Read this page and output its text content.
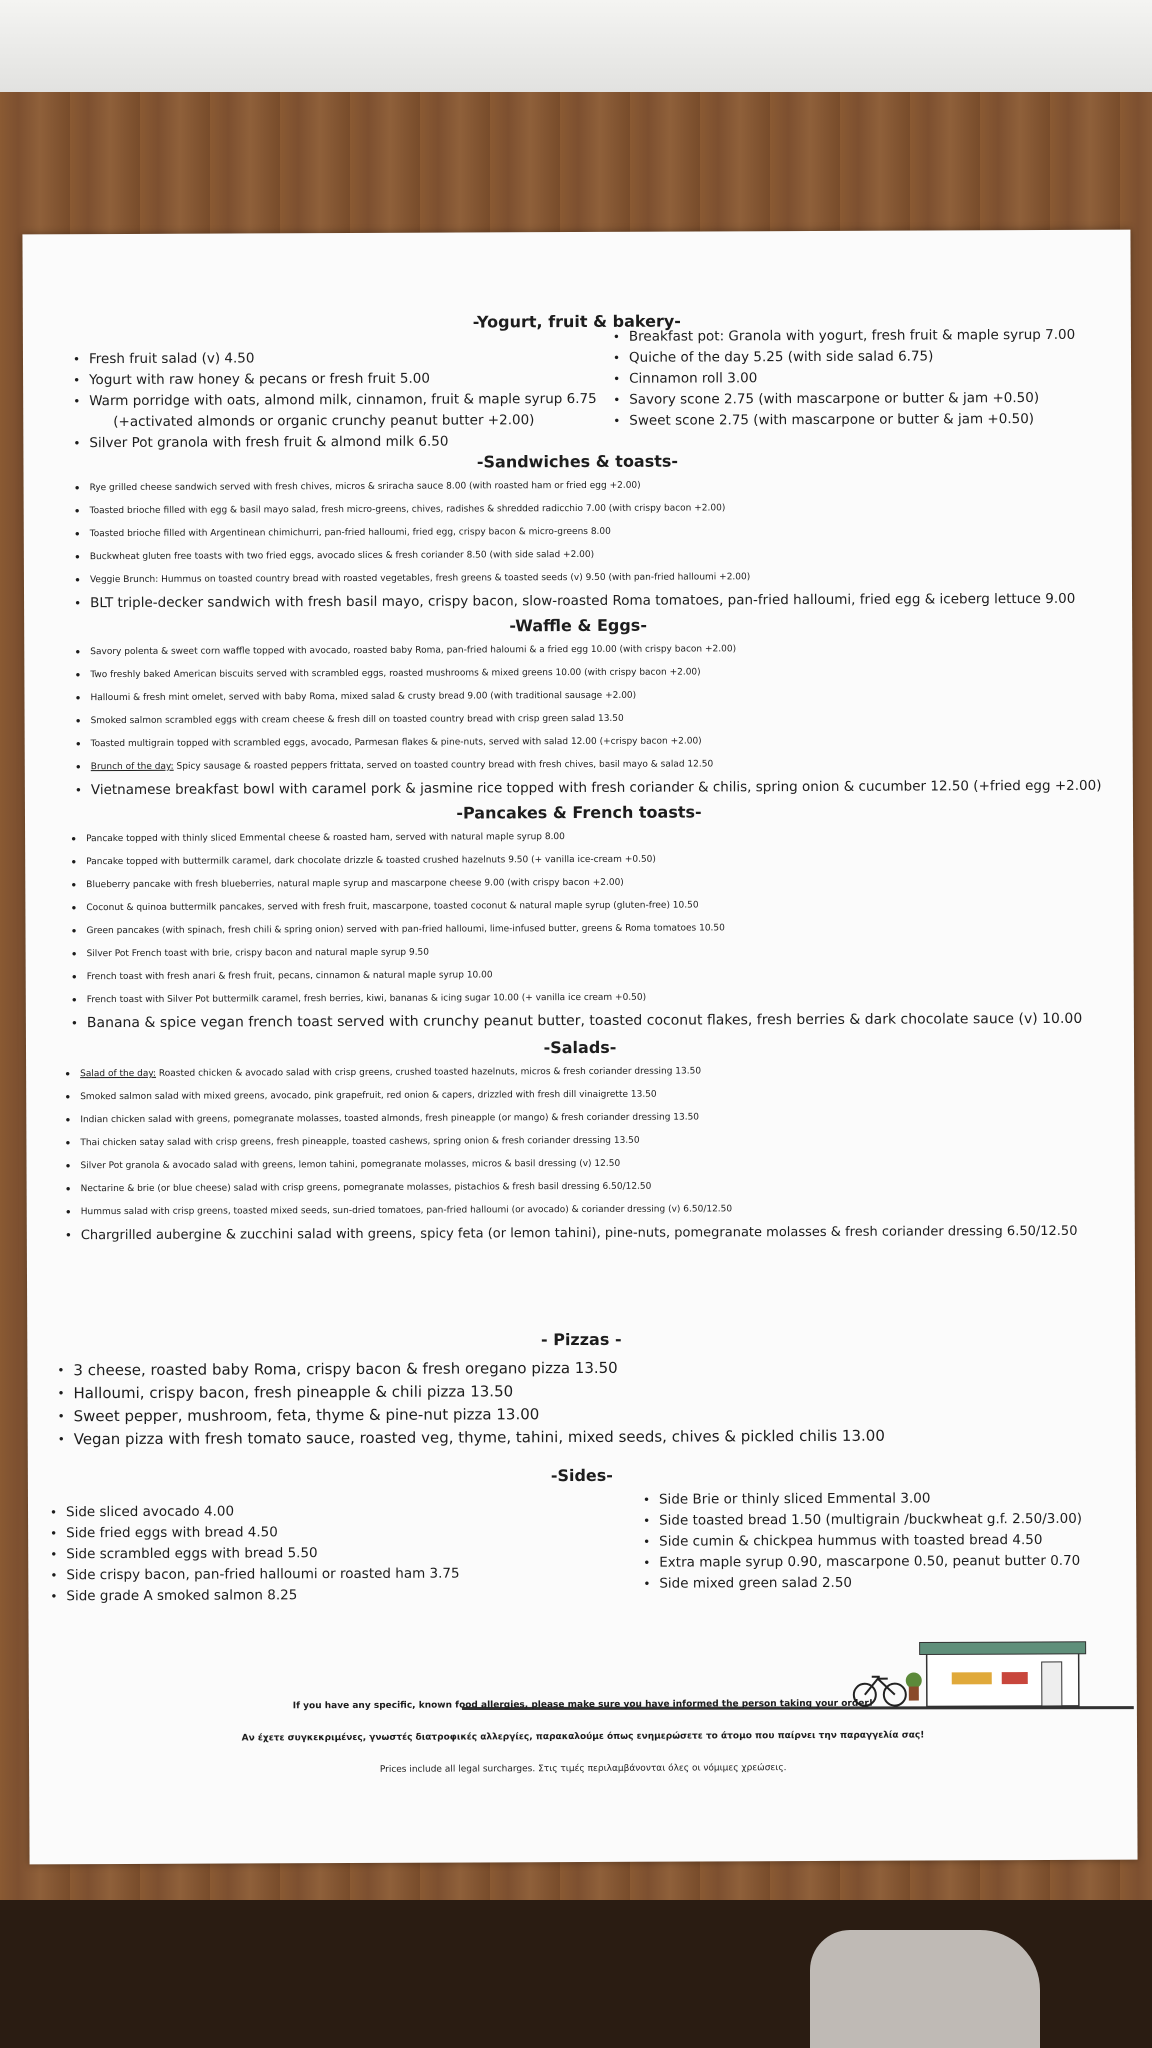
-Yogurt, fruit & bakery-
• Fresh fruit salad (v) 4.50
• Yogurt with raw honey & pecans or fresh fruit 5.00
• Warm porridge with oats, almond milk, cinnamon, fruit & maple syrup 6.75
(+activated almonds or organic crunchy peanut butter +2.00)
• Silver Pot granola with fresh fruit & almond milk 6.50
• Breakfast pot: Granola with yogurt, fresh fruit & maple syrup 7.00
• Quiche of the day 5.25 (with side salad 6.75)
• Cinnamon roll 3.00
• Savory scone 2.75 (with mascarpone or butter & jam +0.50)
• Sweet scone 2.75 (with mascarpone or butter & jam +0.50)
-Sandwiches & toasts-
• Rye grilled cheese sandwich served with fresh chives, micros & sriracha sauce 8.00 (with roasted ham or fried egg +2.00)
• Toasted brioche filled with egg & basil mayo salad, fresh micro-greens, chives, radishes & shredded radicchio 7.00 (with crispy bacon +2.00)
• Toasted brioche filled with Argentinean chimichurri, pan-fried halloumi, fried egg, crispy bacon & micro-greens 8.00
• Buckwheat gluten free toasts with two fried eggs, avocado slices & fresh coriander 8.50 (with side salad +2.00)
• Veggie Brunch: Hummus on toasted country bread with roasted vegetables, fresh greens & toasted seeds (v) 9.50 (with pan-fried halloumi +2.00)
• BLT triple-decker sandwich with fresh basil mayo, crispy bacon, slow-roasted Roma tomatoes, pan-fried halloumi, fried egg & iceberg lettuce 9.00
-Waffle & Eggs-
• Savory polenta & sweet corn waffle topped with avocado, roasted baby Roma, pan-fried haloumi & a fried egg 10.00 (with crispy bacon +2.00)
• Two freshly baked American biscuits served with scrambled eggs, roasted mushrooms & mixed greens 10.00 (with crispy bacon +2.00)
• Halloumi & fresh mint omelet, served with baby Roma, mixed salad & crusty bread 9.00 (with traditional sausage +2.00)
• Smoked salmon scrambled eggs with cream cheese & fresh dill on toasted country bread with crisp green salad 13.50
• Toasted multigrain topped with scrambled eggs, avocado, Parmesan flakes & pine-nuts, served with salad 12.00 (+crispy bacon +2.00)
• Brunch of the day: Spicy sausage & roasted peppers frittata, served on toasted country bread with fresh chives, basil mayo & salad 12.50
• Vietnamese breakfast bowl with caramel pork & jasmine rice topped with fresh coriander & chilis, spring onion & cucumber 12.50 (+fried egg +2.00)
-Pancakes & French toasts-
• Pancake topped with thinly sliced Emmental cheese & roasted ham, served with natural maple syrup 8.00
• Pancake topped with buttermilk caramel, dark chocolate drizzle & toasted crushed hazelnuts 9.50 (+ vanilla ice-cream +0.50)
• Blueberry pancake with fresh blueberries, natural maple syrup and mascarpone cheese 9.00 (with crispy bacon +2.00)
• Coconut & quinoa buttermilk pancakes, served with fresh fruit, mascarpone, toasted coconut & natural maple syrup (gluten-free) 10.50
• Green pancakes (with spinach, fresh chili & spring onion) served with pan-fried halloumi, lime-infused butter, greens & Roma tomatoes 10.50
• Silver Pot French toast with brie, crispy bacon and natural maple syrup 9.50
• French toast with fresh anari & fresh fruit, pecans, cinnamon & natural maple syrup 10.00
• French toast with Silver Pot buttermilk caramel, fresh berries, kiwi, bananas & icing sugar 10.00 (+ vanilla ice cream +0.50)
• Banana & spice vegan french toast served with crunchy peanut butter, toasted coconut flakes, fresh berries & dark chocolate sauce (v) 10.00
-Salads-
• Salad of the day: Roasted chicken & avocado salad with crisp greens, crushed toasted hazelnuts, micros & fresh coriander dressing 13.50
• Smoked salmon salad with mixed greens, avocado, pink grapefruit, red onion & capers, drizzled with fresh dill vinaigrette 13.50
• Indian chicken salad with greens, pomegranate molasses, toasted almonds, fresh pineapple (or mango) & fresh coriander dressing 13.50
• Thai chicken satay salad with crisp greens, fresh pineapple, toasted cashews, spring onion & fresh coriander dressing 13.50
• Silver Pot granola & avocado salad with greens, lemon tahini, pomegranate molasses, micros & basil dressing (v) 12.50
• Nectarine & brie (or blue cheese) salad with crisp greens, pomegranate molasses, pistachios & fresh basil dressing 6.50/12.50
• Hummus salad with crisp greens, toasted mixed seeds, sun-dried tomatoes, pan-fried halloumi (or avocado) & coriander dressing (v) 6.50/12.50
• Chargrilled aubergine & zucchini salad with greens, spicy feta (or lemon tahini), pine-nuts, pomegranate molasses & fresh coriander dressing 6.50/12.50
- Pizzas -
• 3 cheese, roasted baby Roma, crispy bacon & fresh oregano pizza 13.50
• Halloumi, crispy bacon, fresh pineapple & chili pizza 13.50
• Sweet pepper, mushroom, feta, thyme & pine-nut pizza 13.00
• Vegan pizza with fresh tomato sauce, roasted veg, thyme, tahini, mixed seeds, chives & pickled chilis 13.00
-Sides-
• Side sliced avocado 4.00
• Side fried eggs with bread 4.50
• Side scrambled eggs with bread 5.50
• Side crispy bacon, pan-fried halloumi or roasted ham 3.75
• Side grade A smoked salmon 8.25
• Side Brie or thinly sliced Emmental 3.00
• Side toasted bread 1.50 (multigrain /buckwheat g.f. 2.50/3.00)
• Side cumin & chickpea hummus with toasted bread 4.50
• Extra maple syrup 0.90, mascarpone 0.50, peanut butter 0.70
• Side mixed green salad 2.50
If you have any specific, known food allergies, please make sure you have informed the person taking your order!
Αν έχετε συγκεκριμένες, γνωστές διατροφικές αλλεργίες, παρακαλούμε όπως ενημερώσετε το άτομο που παίρνει την παραγγελία σας!
Prices include all legal surcharges. Στις τιμές περιλαμβάνονται όλες οι νόμιμες χρεώσεις.
